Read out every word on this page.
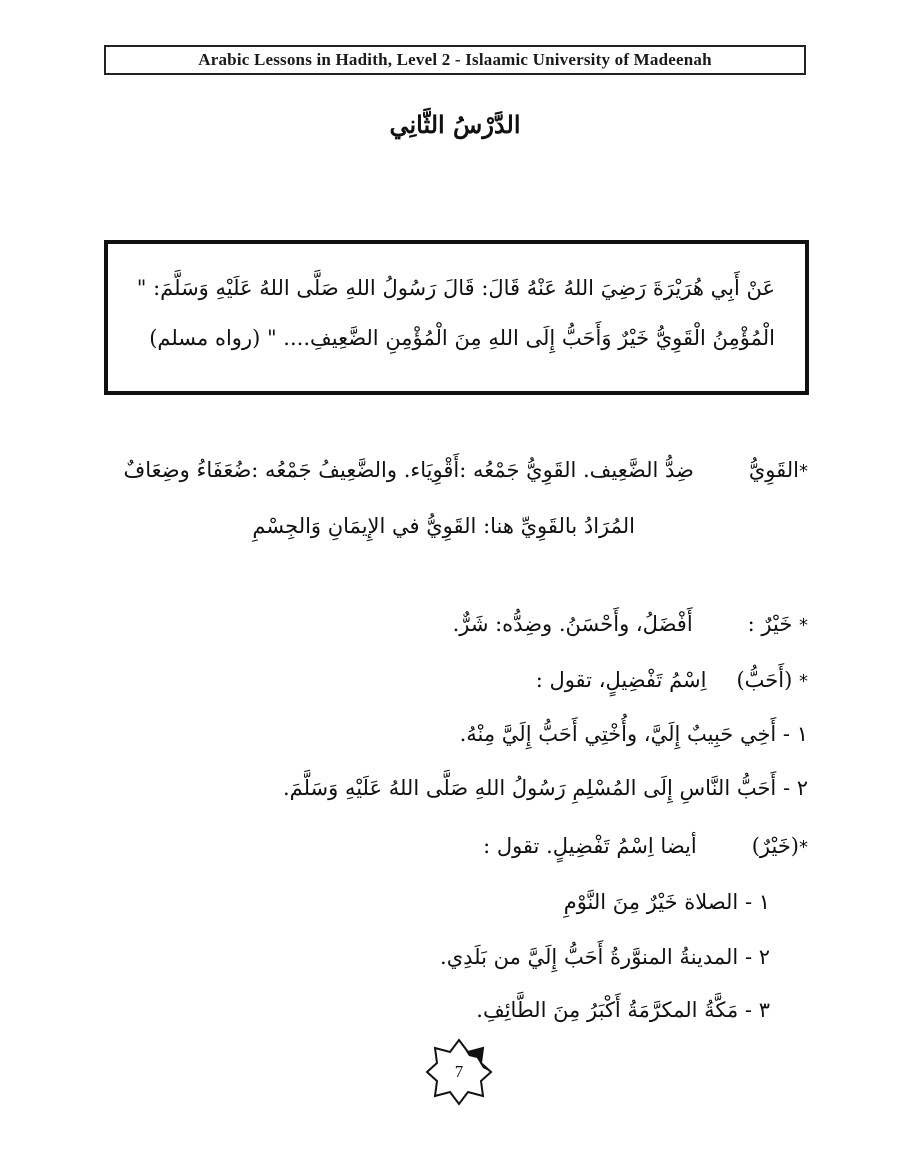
Arabic Lessons in Hadith, Level 2 - Islaamic University of Madeenah
الدَّرْسُ الثَّانِي
عَنْ أَبِي هُرَيْرَةَ رَضِيَ اللهُ عَنْهُ قَالَ: قَالَ رَسُولُ اللهِ صَلَّى اللهُ عَلَيْهِ وَسَلَّمَ: "
الْمُؤْمِنُ الْقَوِيُّ خَيْرٌ وَأَحَبُّ إِلَى اللهِ مِنَ الْمُؤْمِنِ الضَّعِيفِ.... " (رواه مسلم)
*القَوِيُّضِدُّ الضَّعِيف. القَوِيُّ جَمْعُه :أَقْوِيَاء. والضَّعِيفُ جَمْعُه :ضُعَفَاءُ وضِعَافٌ
المُرَادُ بالقَوِيِّ هنا: القَوِيُّ في الإِيمَانِ وَالجِسْمِ
* خَيْرٌ :أَفْضَلُ، وأَحْسَنُ. وضِدُّه: شَرٌّ.
* (أَحَبُّ)اِسْمُ تَفْضِيلٍ، تقول :
١ - أَخِي حَبِيبٌ إِلَيَّ، وأُخْتِي أَحَبُّ إِلَيَّ مِنْهُ.
٢ - أَحَبُّ النَّاسِ إِلَى المُسْلِمِ رَسُولُ اللهِ صَلَّى اللهُ عَلَيْهِ وَسَلَّمَ.
*(خَيْرٌ)أيضا اِسْمُ تَفْضِيلٍ. تقول :
١ - الصلاة خَيْرٌ مِنَ النَّوْمِ
٢ - المدينةُ المنوَّرةُ أَحَبُّ إِلَيَّ من بَلَدِي.
٣ - مَكَّةُ المكرَّمَةُ أَكْبَرُ مِنَ الطَّائِفِ.
7
